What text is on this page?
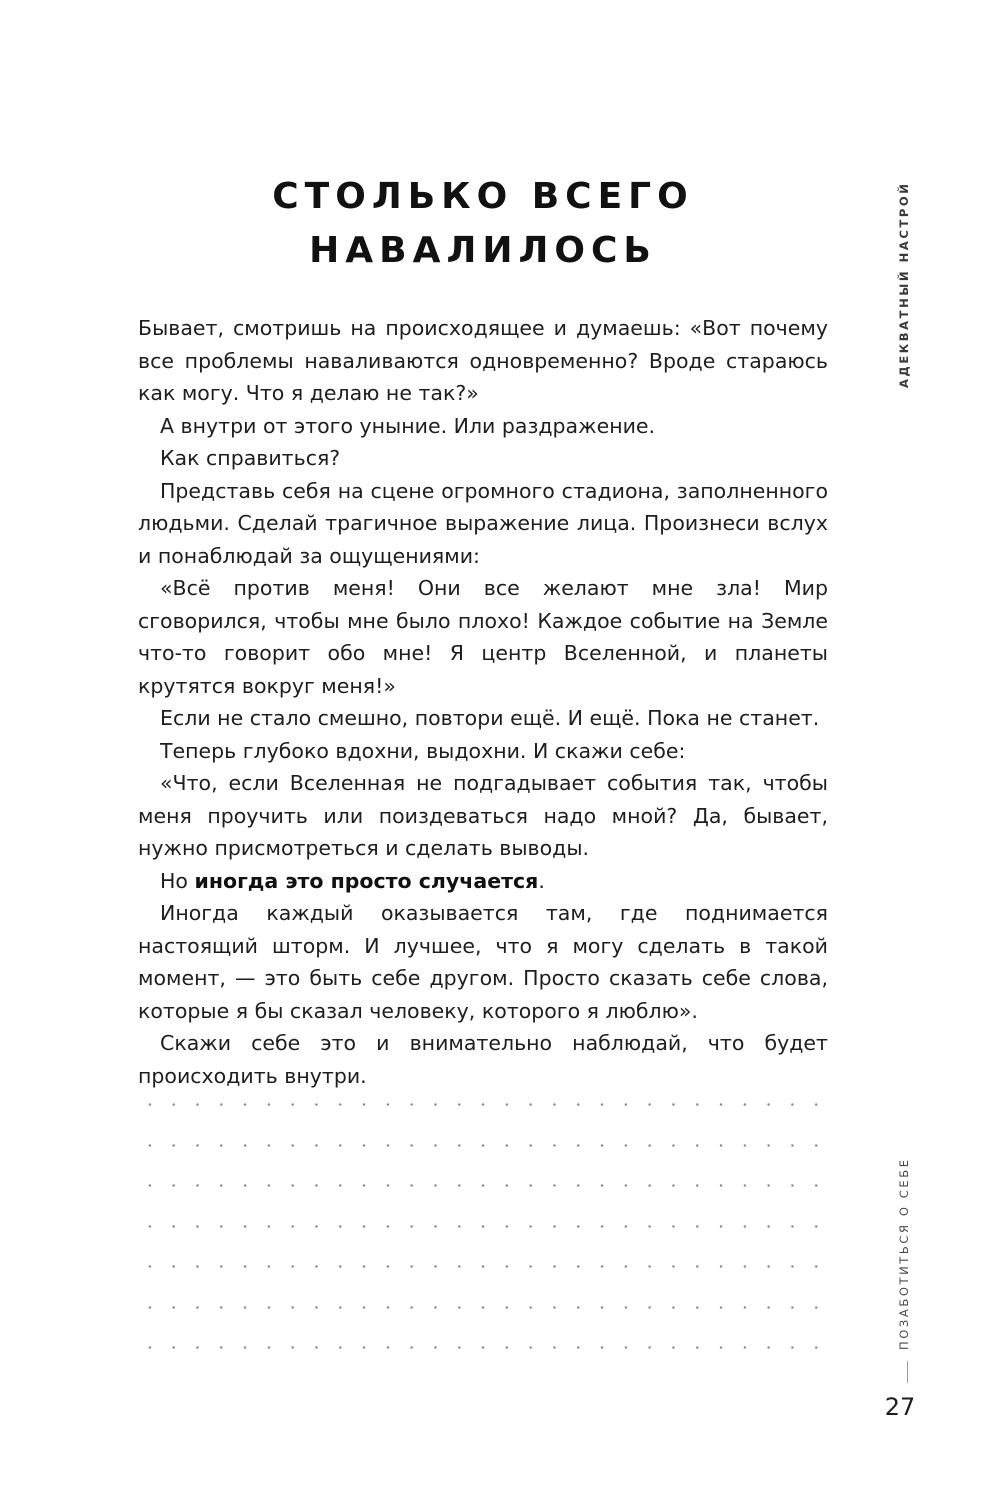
СТОЛЬКО ВСЕГО
НАВАЛИЛОСЬ

Бывает, смотришь на происходящее и думаешь: «Вот почему все проблемы наваливаются одновременно? Вроде стараюсь как могу. Что я делаю не так?»

А внутри от этого уныние. Или раздражение.

Как справиться?

Представь себя на сцене огромного стадиона, заполненного людьми. Сделай трагичное выражение лица. Произнеси вслух и понаблюдай за ощущениями:

«Всё против меня! Они все желают мне зла! Мир сговорился, чтобы мне было плохо! Каждое событие на Земле что-то говорит обо мне! Я центр Вселенной, и планеты крутятся вокруг меня!»

Если не стало смешно, повтори ещё. И ещё. Пока не станет.

Теперь глубоко вдохни, выдохни. И скажи себе:

«Что, если Вселенная не подгадывает события так, чтобы меня проучить или поиздеваться надо мной? Да, бывает, нужно присмотреться и сделать выводы.

Но иногда это просто случается.

Иногда каждый оказывается там, где поднимается настоящий шторм. И лучшее, что я могу сделать в такой момент, — это быть себе другом. Просто сказать себе слова, которые я бы сказал человеку, которого я люблю».

Скажи себе это и внимательно наблюдай, что будет происходить внутри.

АДЕКВАТНЫЙ НАСТРОЙ
ПОЗАБОТИТЬСЯ О СЕБЕ
27
